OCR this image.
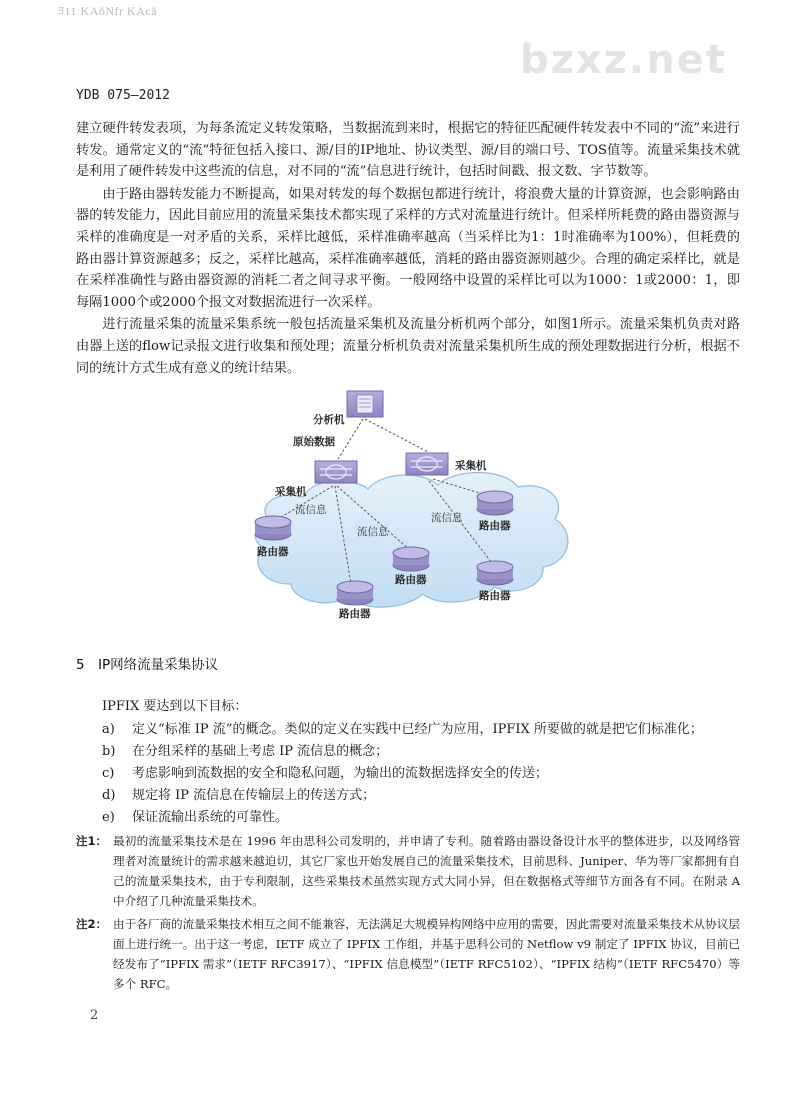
ﾖ11 KAöNfr KAcä
bzxz.net
YDB 075—2012

建立硬件转发表项，为每条流定义转发策略，当数据流到来时，根据它的特征匹配硬件转发表中不同的“流”来进行转发。通常定义的“流”特征包括入接口、源/目的IP地址、协议类型、源/目的端口号、TOS值等。流量采集技术就是利用了硬件转发中这些流的信息，对不同的“流”信息进行统计，包括时间戳、报文数、字节数等。

由于路由器转发能力不断提高，如果对转发的每个数据包都进行统计，将浪费大量的计算资源，也会影响路由器的转发能力，因此目前应用的流量采集技术都实现了采样的方式对流量进行统计。但采样所耗费的路由器资源与采样的准确度是一对矛盾的关系，采样比越低，采样准确率越高（当采样比为1：1时准确率为100%），但耗费的路由器计算资源越多；反之，采样比越高，采样准确率越低，消耗的路由器资源则越少。合理的确定采样比，就是在采样准确性与路由器资源的消耗二者之间寻求平衡。一般网络中设置的采样比可以为1000：1或2000：1，即每隔1000个或2000个报文对数据流进行一次采样。

进行流量采集的流量采集系统一般包括流量采集机及流量分析机两个部分，如图1所示。流量采集机负责对路由器上送的flow记录报文进行收集和预处理；流量分析机负责对流量采集机所生成的预处理数据进行分析，根据不同的统计方式生成有意义的统计结果。

分析机
原始数据
采集机
采集机
流信息
流信息
流信息
路由器
路由器
路由器
路由器
路由器
5 IP网络流量采集协议
IPFIX 要达到以下目标：
a)	定义“标准 IP 流”的概念。类似的定义在实践中已经广为应用，IPFIX 所要做的就是把它们标准化；
b)	在分组采样的基础上考虑 IP 流信息的概念；
c)	考虑影响到流数据的安全和隐私问题，为输出的流数据选择安全的传送；
d)	规定将 IP 流信息在传输层上的传送方式；
e)	保证流输出系统的可靠性。
注1： 最初的流量采集技术是在 1996 年由思科公司发明的，并申请了专利。随着路由器设备设计水平的整体进步，以及网络管理者对流量统计的需求越来越迫切，其它厂家也开始发展自己的流量采集技术，目前思科、Juniper、华为等厂家都拥有自己的流量采集技术，由于专利限制，这些采集技术虽然实现方式大同小异，但在数据格式等细节方面各有不同。在附录 A 中介绍了几种流量采集技术。
注2： 由于各厂商的流量采集技术相互之间不能兼容，无法满足大规模异构网络中应用的需要，因此需要对流量采集技术从协议层面上进行统一。出于这一考虑，IETF 成立了 IPFIX 工作组，并基于思科公司的 Netflow v9 制定了 IPFIX 协议，目前已经发布了“IPFIX 需求”（IETF RFC3917）、“IPFIX 信息模型”（IETF RFC5102）、“IPFIX 结构”（IETF RFC5470）等多个 RFC。
2
